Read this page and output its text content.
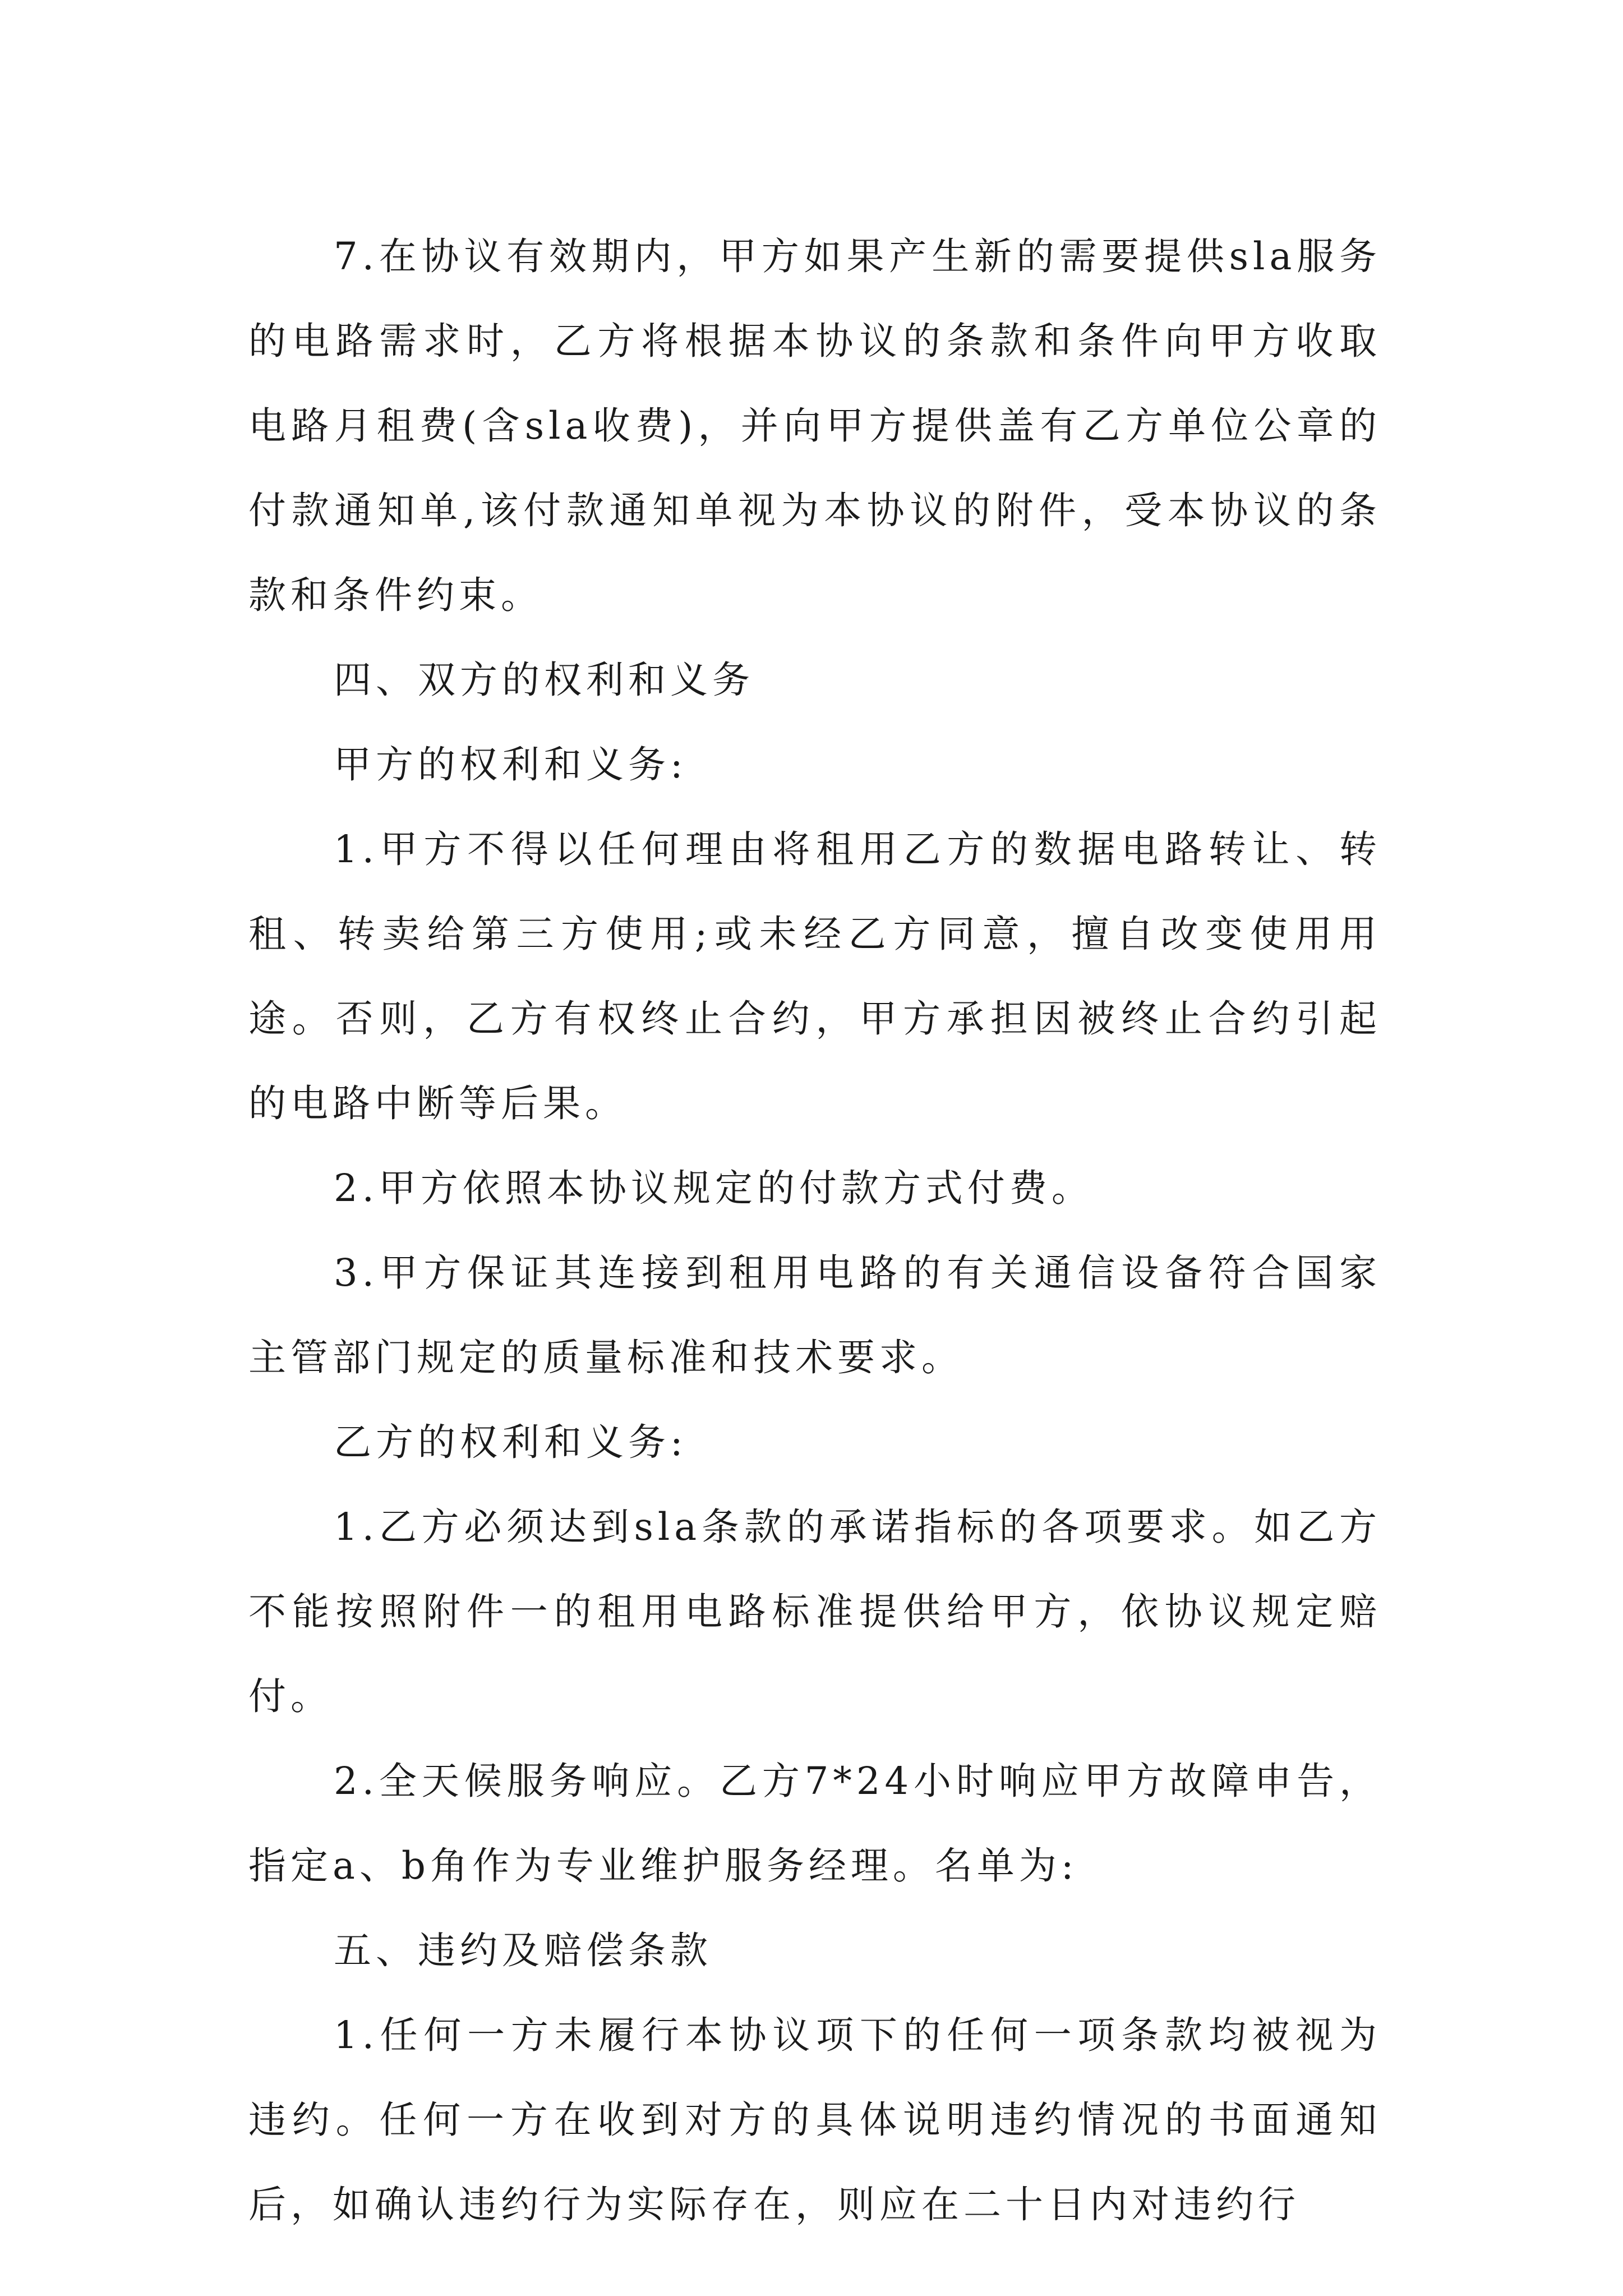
7.在协议有效期内，甲方如果产生新的需要提供sla服务的电路需求时，乙方将根据本协议的条款和条件向甲方收取电路月租费(含sla收费)，并向甲方提供盖有乙方单位公章的付款通知单,该付款通知单视为本协议的附件，受本协议的条款和条件约束。

四、双方的权利和义务

甲方的权利和义务:

1.甲方不得以任何理由将租用乙方的数据电路转让、转租、转卖给第三方使用;或未经乙方同意，擅自改变使用用途。否则，乙方有权终止合约，甲方承担因被终止合约引起的电路中断等后果。

2.甲方依照本协议规定的付款方式付费。

3.甲方保证其连接到租用电路的有关通信设备符合国家主管部门规定的质量标准和技术要求。

乙方的权利和义务:

1.乙方必须达到sla条款的承诺指标的各项要求。如乙方不能按照附件一的租用电路标准提供给甲方，依协议规定赔付。

2.全天候服务响应。乙方7*24小时响应甲方故障申告，指定a、b角作为专业维护服务经理。名单为:

五、违约及赔偿条款

1.任何一方未履行本协议项下的任何一项条款均被视为违约。任何一方在收到对方的具体说明违约情况的书面通知后，如确认违约行为实际存在，则应在二十日内对违约行
